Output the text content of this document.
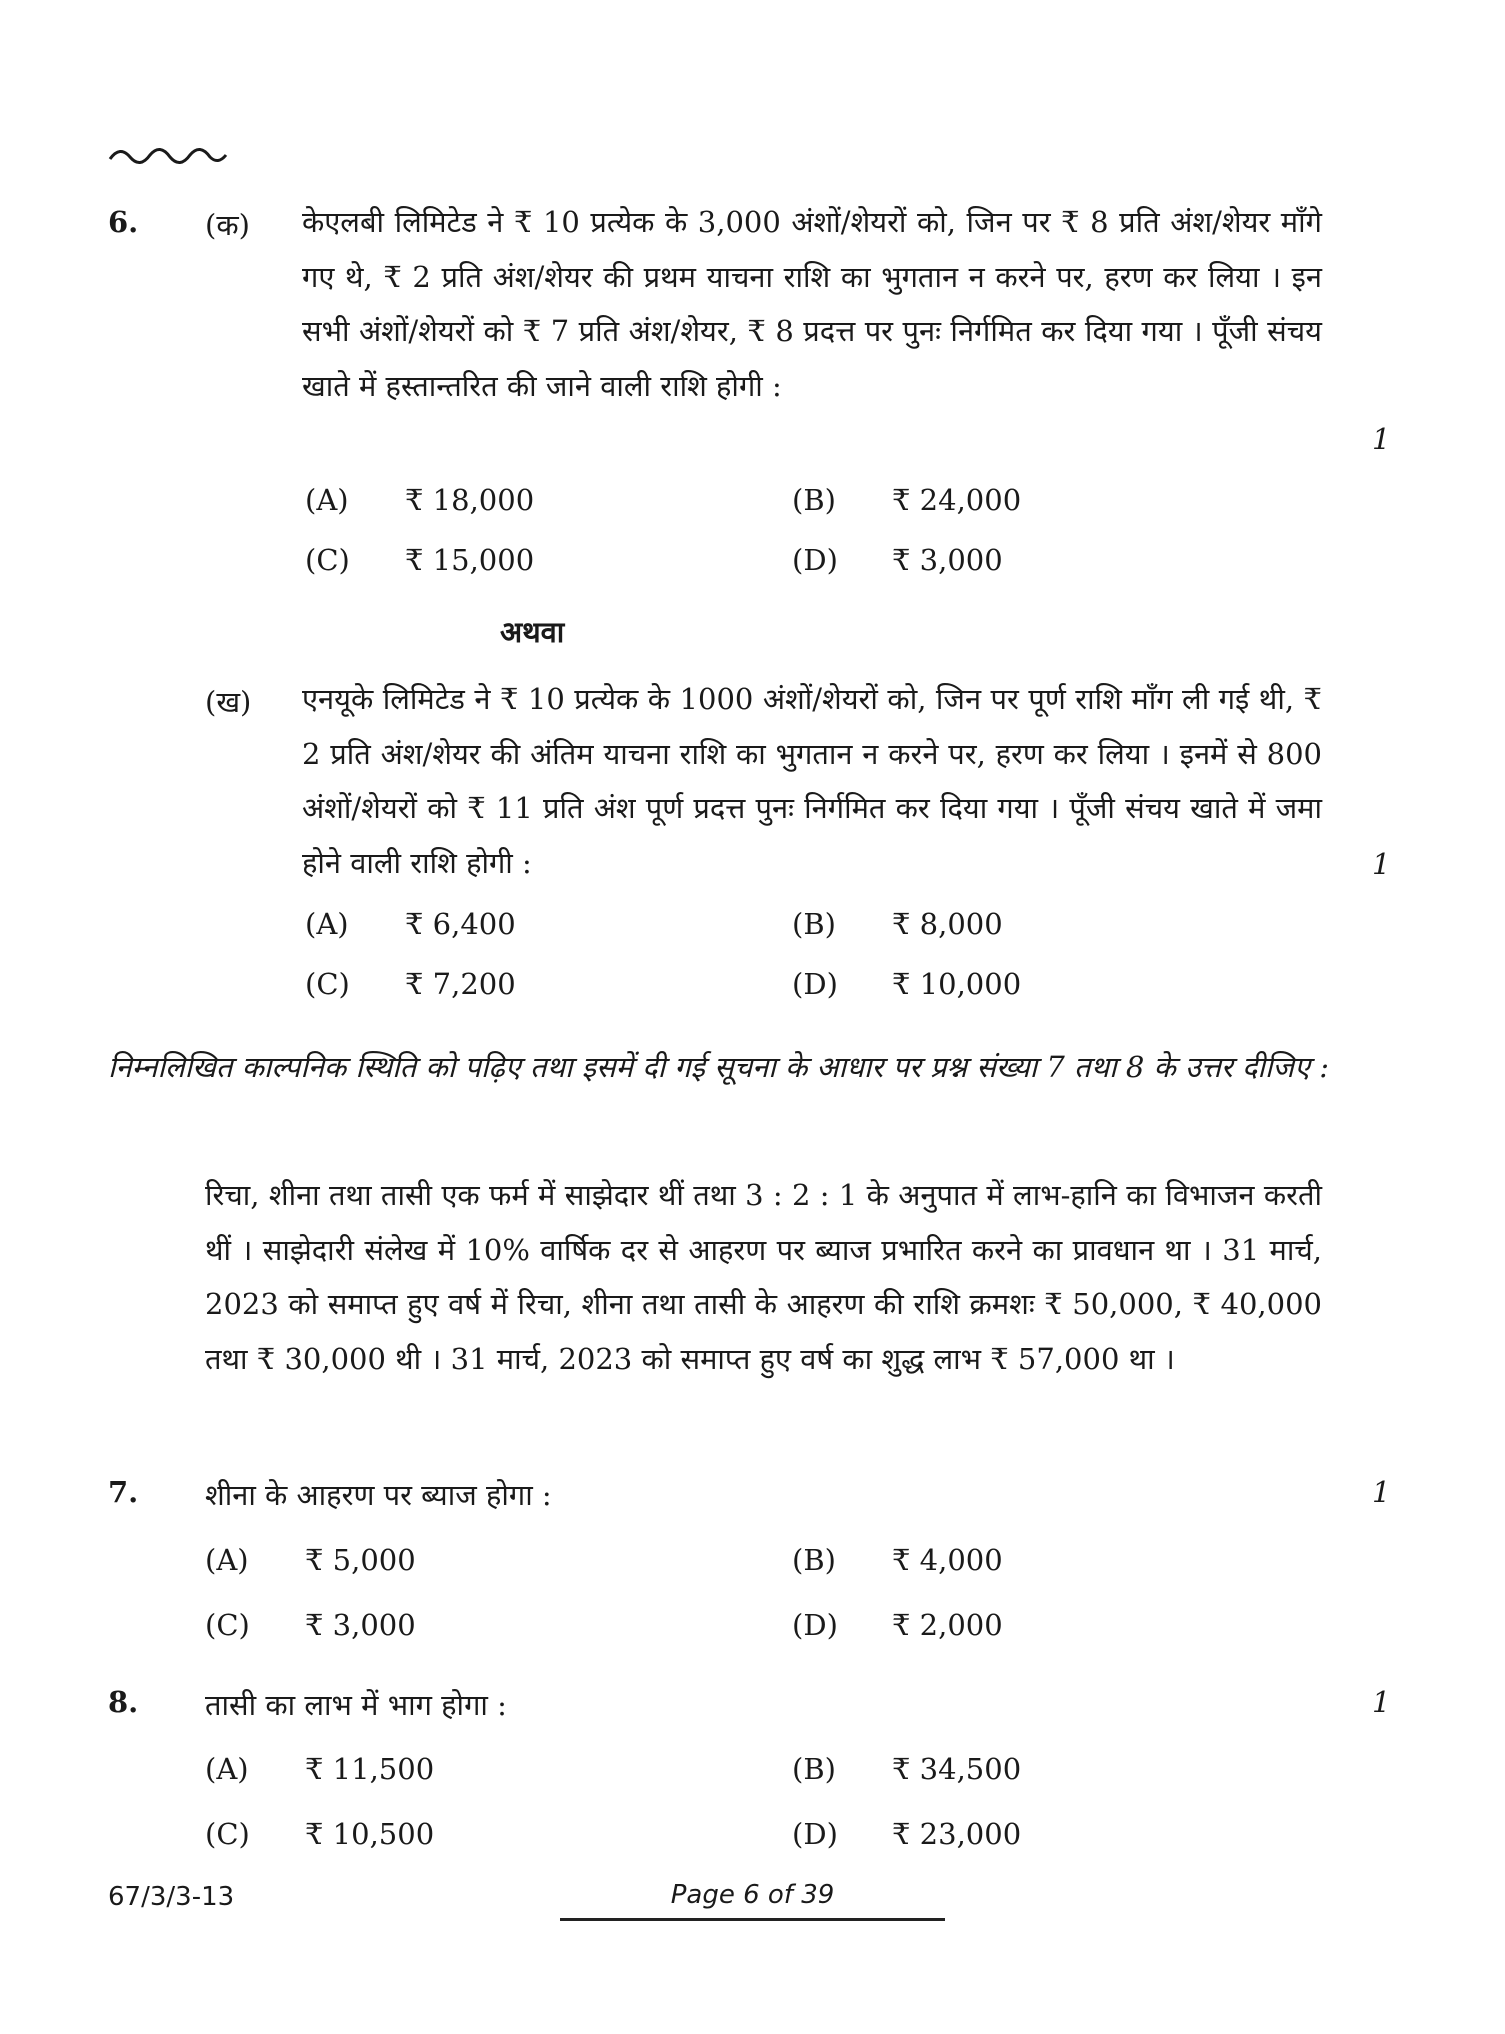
6. (क) केएलबी लिमिटेड ने ₹ 10 प्रत्येक के 3,000 अंशों/शेयरों को, जिन पर ₹ 8 प्रति अंश/शेयर माँगे गए थे, ₹ 2 प्रति अंश/शेयर की प्रथम याचना राशि का भुगतान न करने पर, हरण कर लिया । इन सभी अंशों/शेयरों को ₹ 7 प्रति अंश/शेयर, ₹ 8 प्रदत्त पर पुनः निर्गमित कर दिया गया । पूँजी संचय खाते में हस्तान्तरित की जाने वाली राशि होगी :
1
(A) ₹ 18,000	(B) ₹ 24,000
(C) ₹ 15,000	(D) ₹ 3,000
अथवा
(ख) एनयूके लिमिटेड ने ₹ 10 प्रत्येक के 1000 अंशों/शेयरों को, जिन पर पूर्ण राशि माँग ली गई थी, ₹ 2 प्रति अंश/शेयर की अंतिम याचना राशि का भुगतान न करने पर, हरण कर लिया । इनमें से 800 अंशों/शेयरों को ₹ 11 प्रति अंश पूर्ण प्रदत्त पुनः निर्गमित कर दिया गया । पूँजी संचय खाते में जमा होने वाली राशि होगी :	1
(A) ₹ 6,400	(B) ₹ 8,000
(C) ₹ 7,200	(D) ₹ 10,000
निम्नलिखित काल्पनिक स्थिति को पढ़िए तथा इसमें दी गई सूचना के आधार पर प्रश्न संख्या 7 तथा 8 के उत्तर दीजिए :
रिचा, शीना तथा तासी एक फर्म में साझेदार थीं तथा 3 : 2 : 1 के अनुपात में लाभ-हानि का विभाजन करती थीं । साझेदारी संलेख में 10% वार्षिक दर से आहरण पर ब्याज प्रभारित करने का प्रावधान था । 31 मार्च, 2023 को समाप्त हुए वर्ष में रिचा, शीना तथा तासी के आहरण की राशि क्रमशः ₹ 50,000, ₹ 40,000 तथा ₹ 30,000 थी । 31 मार्च, 2023 को समाप्त हुए वर्ष का शुद्ध लाभ ₹ 57,000 था ।
7. शीना के आहरण पर ब्याज होगा :	1
(A) ₹ 5,000	(B) ₹ 4,000
(C) ₹ 3,000	(D) ₹ 2,000
8. तासी का लाभ में भाग होगा :	1
(A) ₹ 11,500	(B) ₹ 34,500
(C) ₹ 10,500	(D) ₹ 23,000
67/3/3-13	Page 6 of 39
